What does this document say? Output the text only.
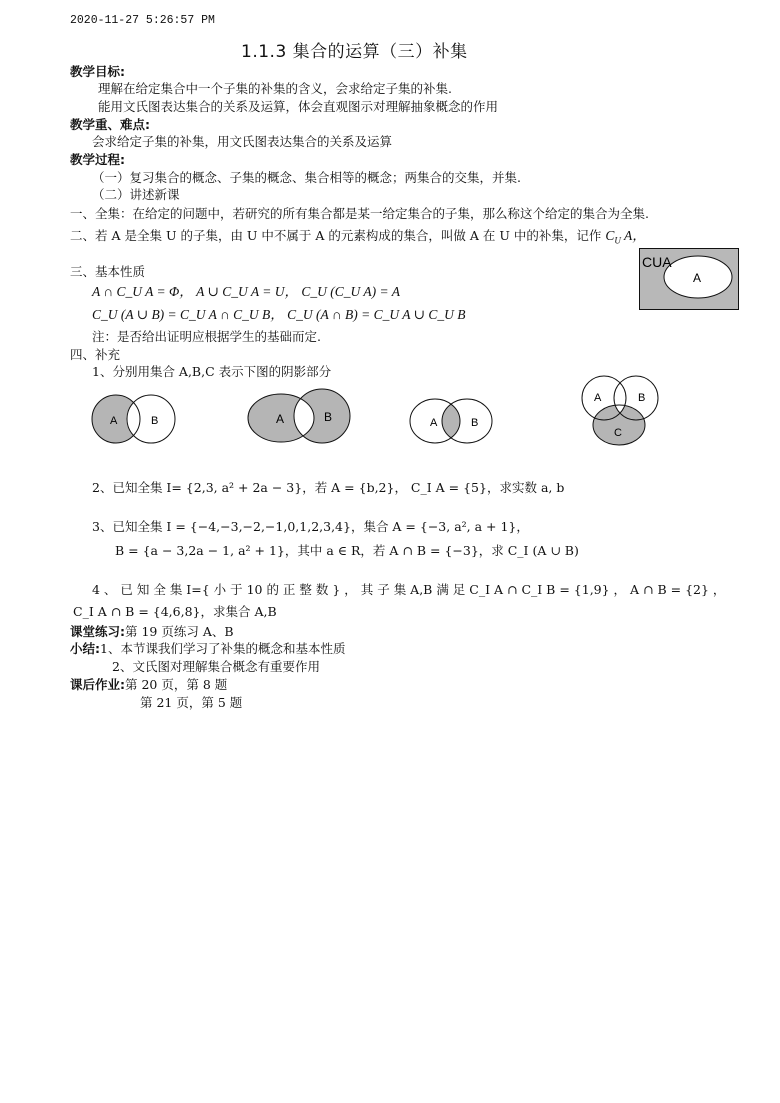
2020-11-27 5:26:57 PM
1.1.3 集合的运算（三）补集
教学目标:
理解在给定集合中一个子集的补集的含义，会求给定子集的补集.
能用文氏图表达集合的关系及运算，体会直观图示对理解抽象概念的作用
教学重、难点:
会求给定子集的补集，用文氏图表达集合的关系及运算
教学过程:
（一）复习集合的概念、子集的概念、集合相等的概念；两集合的交集，并集.
（二）讲述新课
一、全集：在给定的问题中，若研究的所有集合都是某一给定集合的子集，那么称这个给定的集合为全集.
二、若 A 是全集 U 的子集，由 U 中不属于 A 的元素构成的集合，叫做 A 在 U 中的补集，记作 $C_U$ A，
三、基本性质
A ∩ C_U A = Φ， A ∪ C_U A = U， C_U (C_U A) = A
C_U (A ∪ B) = C_U A ∩ C_U B， C_U (A ∩ B) = C_U A ∪ C_U B
注：是否给出证明应根据学生的基础而定.
CUA
A
四、补充
1、分别用集合 A,B,C 表示下图的阴影部分
A	B	A	B	A	B
A	B
C
2、已知全集 I= {2,3, a² + 2a − 3}，若 A = {b,2}， C_I A = {5}，求实数 a, b
3、已知全集 I = {−4,−3,−2,−1,0,1,2,3,4}，集合 A = {−3, a², a + 1}，
B = {a − 3,2a − 1, a² + 1}，其中 a ∈ R，若 A ∩ B = {−3}，求 C_I (A ∪ B)
4 、 已 知 全 集 I={ 小 于 10 的 正 整 数 } ， 其 子 集 A,B 满 足 C_I A ∩ C_I B = {1,9} ， A ∩ B = {2} ，
C_I A ∩ B = {4,6,8}，求集合 A,B
课堂练习:第 19 页练习 A、B
小结:1、本节课我们学习了补集的概念和基本性质
2、文氏图对理解集合概念有重要作用
课后作业:第 20 页，第 8 题
第 21 页，第 5 题
